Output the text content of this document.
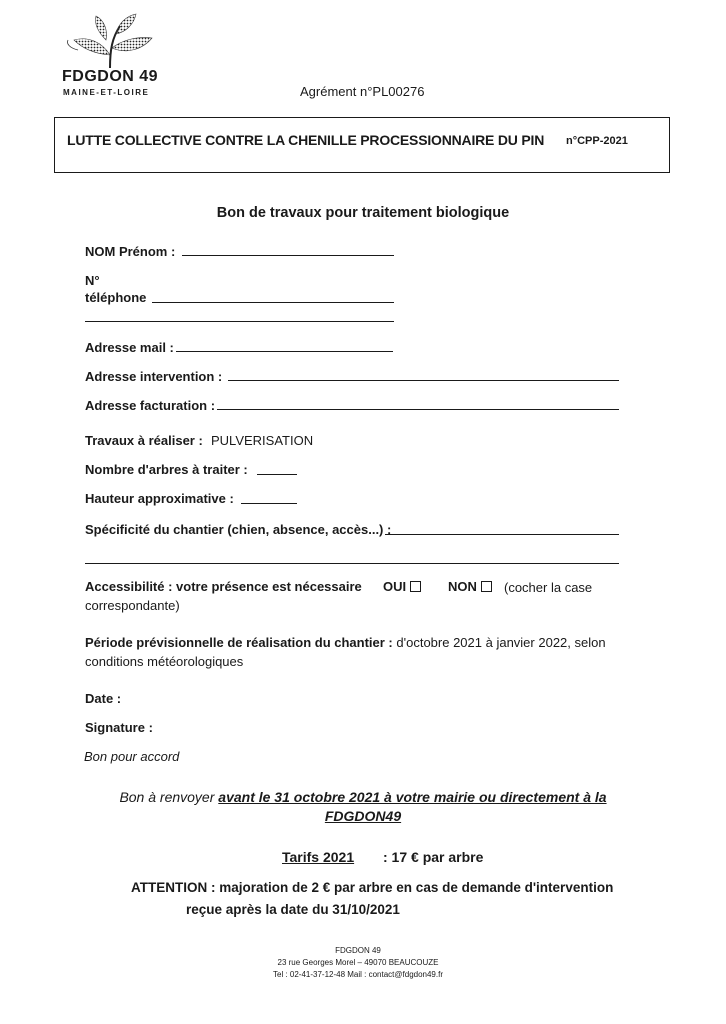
FDGDON 49
MAINE-ET-LOIRE	Agrément n°PL00276
LUTTE COLLECTIVE CONTRE LA CHENILLE PROCESSIONNAIRE DU PIN n°CPP-2021
Bon de travaux pour traitement biologique
NOM Prénom :
N°
téléphone
Adresse mail :
Adresse intervention :
Adresse facturation :
Travaux à réaliser : PULVERISATION
Nombre d'arbres à traiter :
Hauteur approximative :
Spécificité du chantier (chien, absence, accès...) :
Accessibilité : votre présence est nécessaire OUI	NON	(cocher la case
correspondante)
Période prévisionnelle de réalisation du chantier : d'octobre 2021 à janvier 2022, selon
conditions météorologiques
Date :
Signature :
Bon pour accord
Bon à renvoyer avant le 31 octobre 2021 à votre mairie ou directement à la
FDGDON49
Tarifs 2021 : 17 € par arbre
ATTENTION : majoration de 2 € par arbre en cas de demande d'intervention
reçue après la date du 31/10/2021
FDGDON 49
23 rue Georges Morel – 49070 BEAUCOUZE
Tel : 02-41-37-12-48 Mail : contact@fdgdon49.fr
